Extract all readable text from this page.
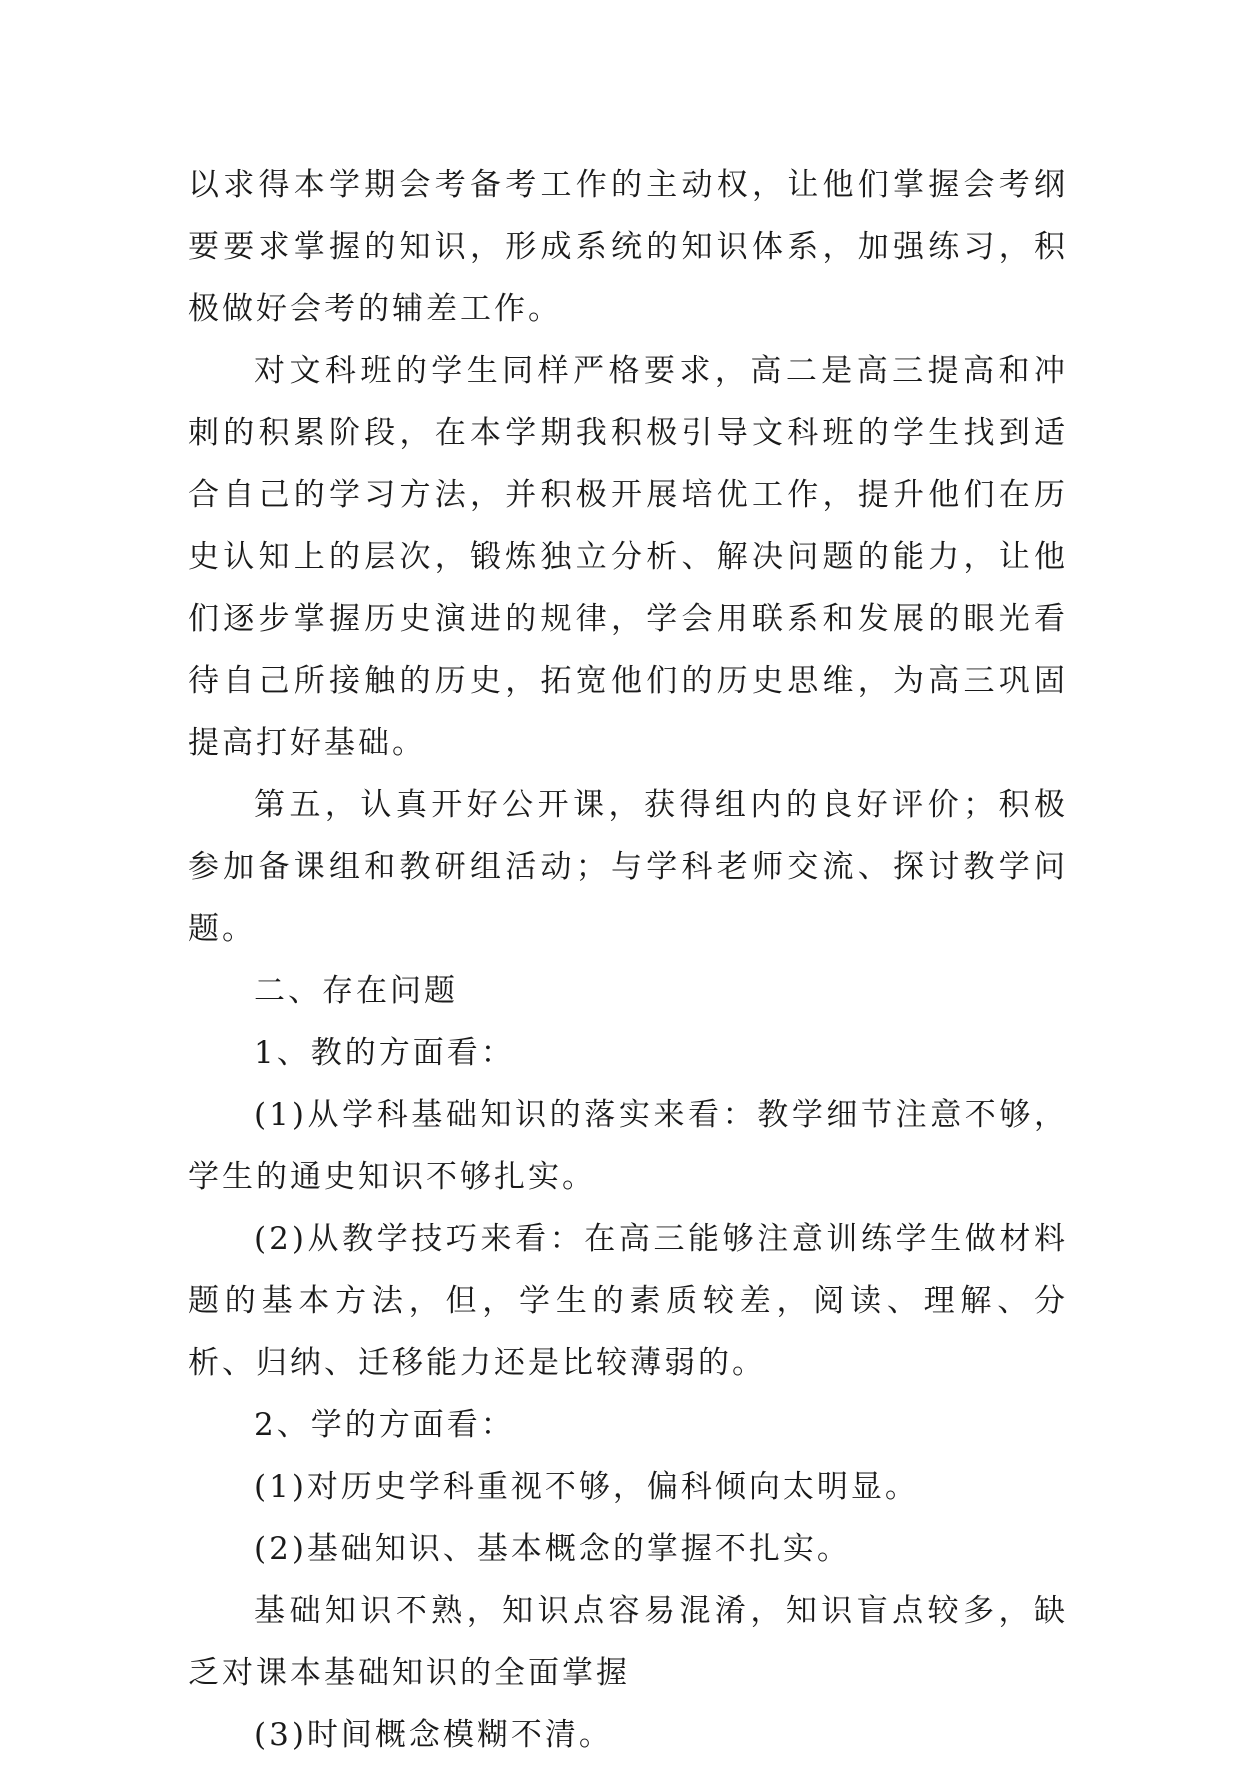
以求得本学期会考备考工作的主动权，让他们掌握会考纲要要求掌握的知识，形成系统的知识体系，加强练习，积极做好会考的辅差工作。

对文科班的学生同样严格要求，高二是高三提高和冲刺的积累阶段，在本学期我积极引导文科班的学生找到适合自己的学习方法，并积极开展培优工作，提升他们在历史认知上的层次，锻炼独立分析、解决问题的能力，让他们逐步掌握历史演进的规律，学会用联系和发展的眼光看待自己所接触的历史，拓宽他们的历史思维，为高三巩固提高打好基础。

第五，认真开好公开课，获得组内的良好评价；积极参加备课组和教研组活动；与学科老师交流、探讨教学问题。

二、存在问题

1、教的方面看：

(1)从学科基础知识的落实来看：教学细节注意不够，学生的通史知识不够扎实。

(2)从教学技巧来看：在高三能够注意训练学生做材料题的基本方法，但，学生的素质较差，阅读、理解、分析、归纳、迁移能力还是比较薄弱的。

2、学的方面看：

(1)对历史学科重视不够，偏科倾向太明显。

(2)基础知识、基本概念的掌握不扎实。

基础知识不熟，知识点容易混淆，知识盲点较多，缺乏对课本基础知识的全面掌握

(3)时间概念模糊不清。
